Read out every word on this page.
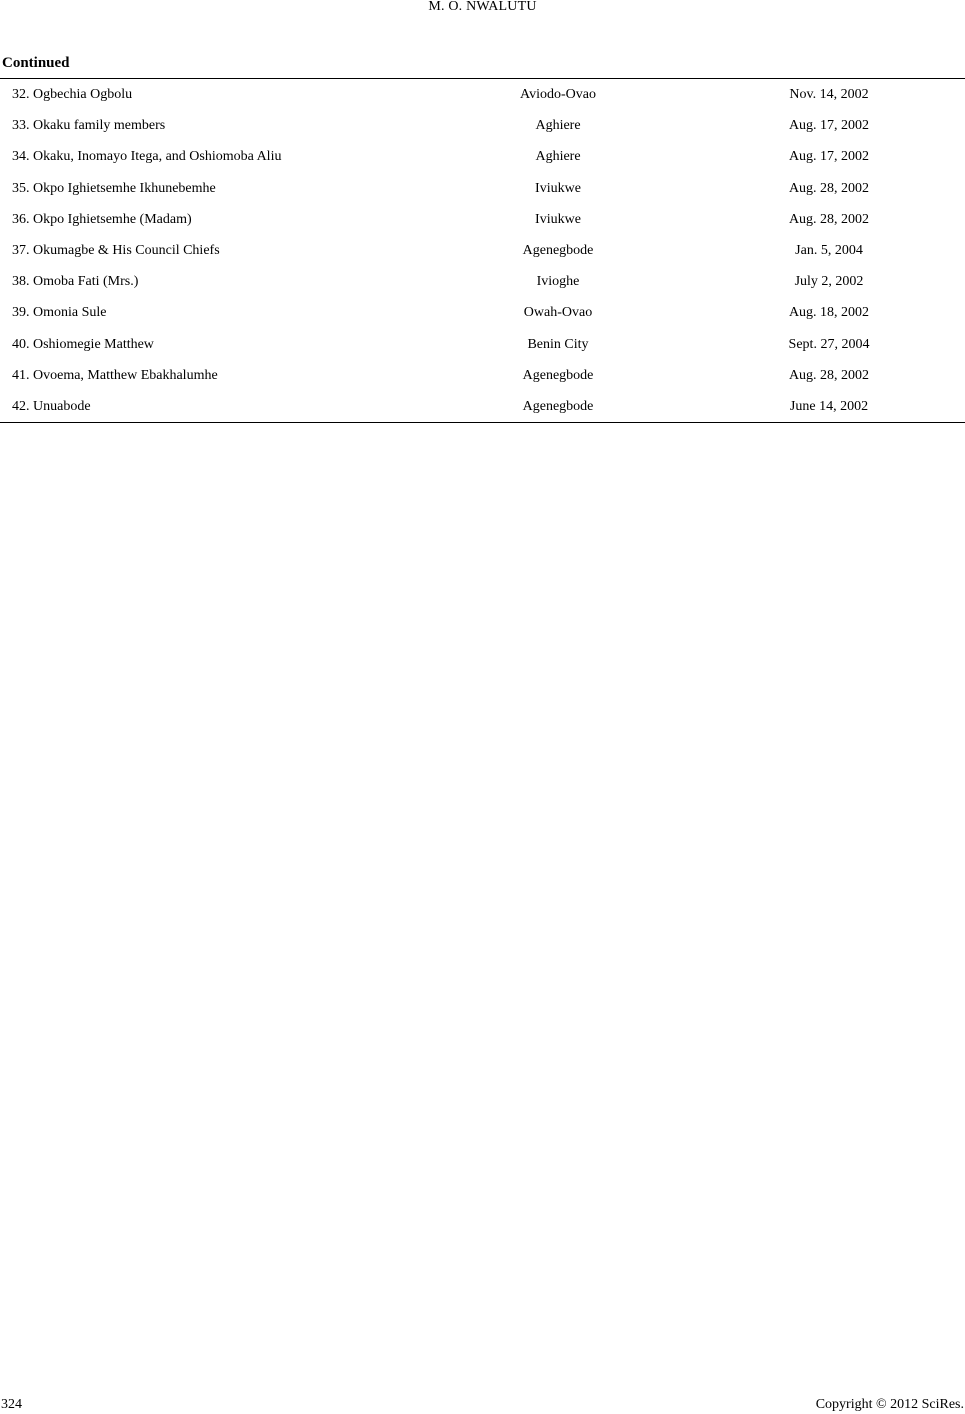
M. O. NWALUTU
Continued
32. Ogbechia Ogbolu	Aviodo-Ovao	Nov. 14, 2002
33. Okaku family members	Aghiere	Aug. 17, 2002
34. Okaku, Inomayo Itega, and Oshiomoba Aliu	Aghiere	Aug. 17, 2002
35. Okpo Ighietsemhe Ikhunebemhe	Iviukwe	Aug. 28, 2002
36. Okpo Ighietsemhe (Madam)	Iviukwe	Aug. 28, 2002
37. Okumagbe & His Council Chiefs	Agenegbode	Jan. 5, 2004
38. Omoba Fati (Mrs.)	Ivioghe	July 2, 2002
39. Omonia Sule	Owah-Ovao	Aug. 18, 2002
40. Oshiomegie Matthew	Benin City	Sept. 27, 2004
41. Ovoema, Matthew Ebakhalumhe	Agenegbode	Aug. 28, 2002
42. Unuabode	Agenegbode	June 14, 2002
324	Copyright © 2012 SciRes.
